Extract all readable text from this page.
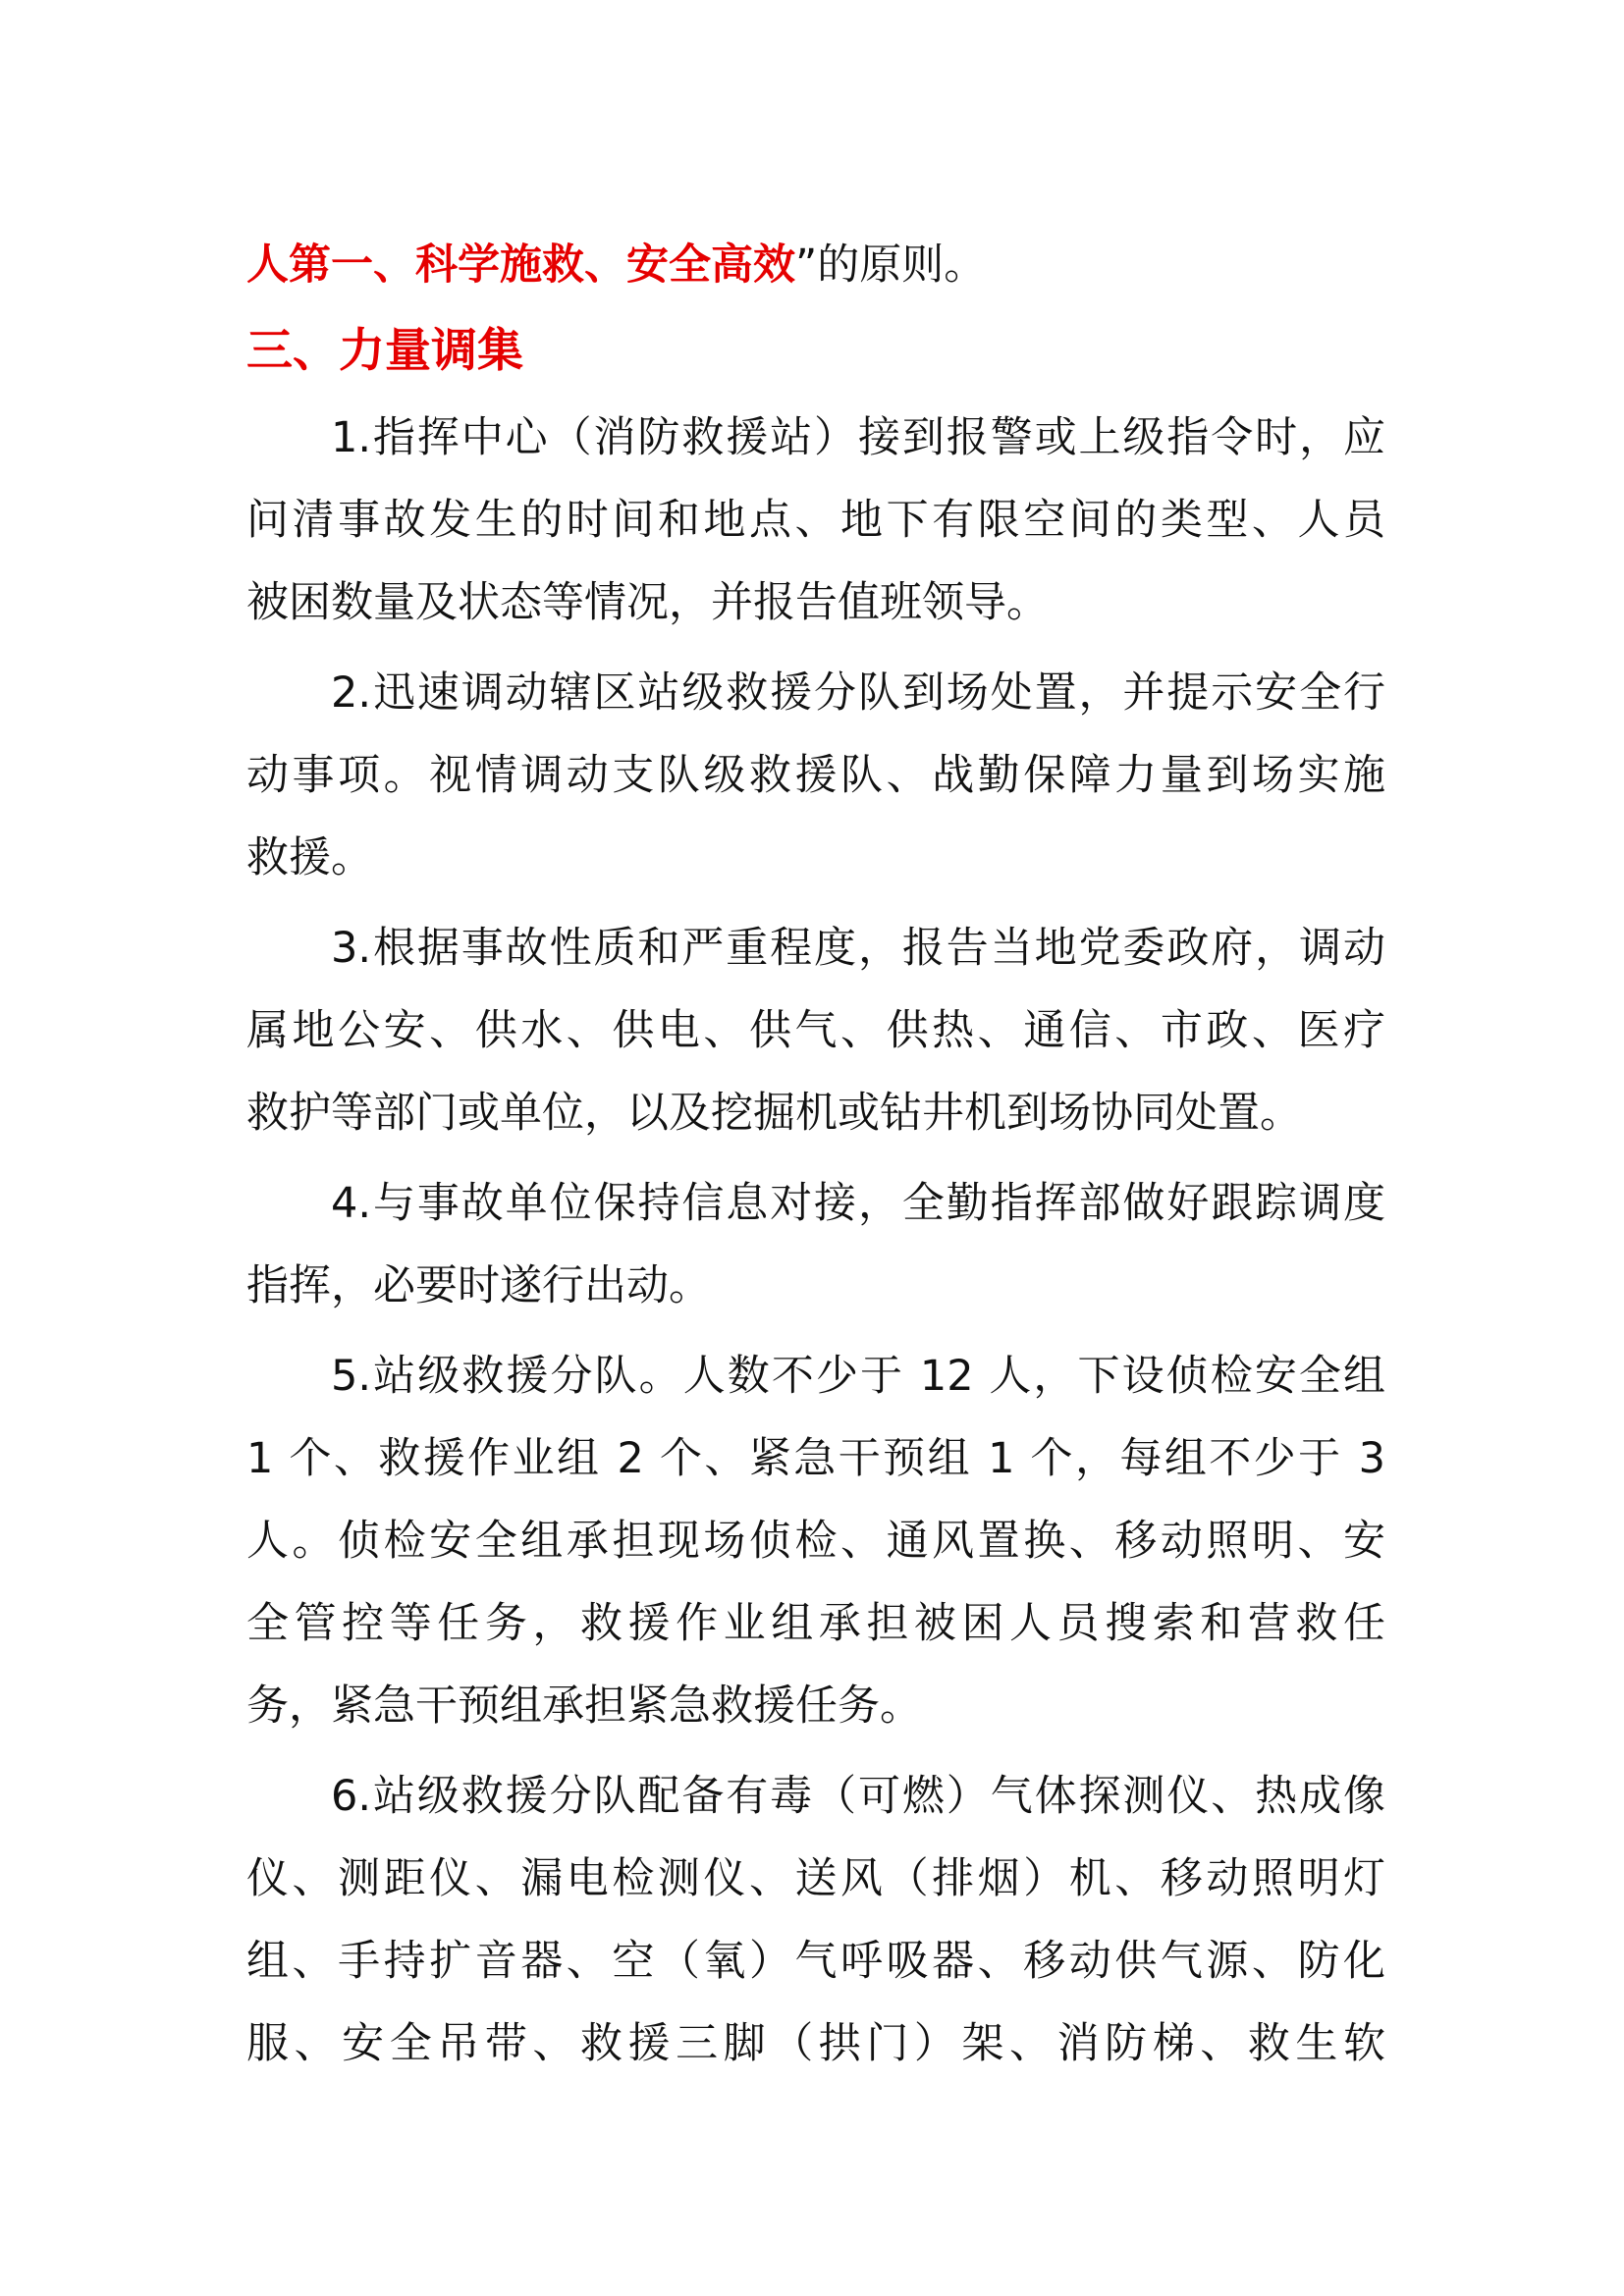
人第一、科学施救、安全高效”的原则。

三、力量调集

1.指挥中心（消防救援站）接到报警或上级指令时，应

问清事故发生的时间和地点、地下有限空间的类型、人员

被困数量及状态等情况，并报告值班领导。

2.迅速调动辖区站级救援分队到场处置，并提示安全行

动事项。视情调动支队级救援队、战勤保障力量到场实施

救援。

3.根据事故性质和严重程度，报告当地党委政府，调动

属地公安、供水、供电、供气、供热、通信、市政、医疗

救护等部门或单位，以及挖掘机或钻井机到场协同处置。

4.与事故单位保持信息对接，全勤指挥部做好跟踪调度

指挥，必要时遂行出动。

5.站级救援分队。人数不少于 12 人，下设侦检安全组

1 个、救援作业组 2 个、紧急干预组 1 个，每组不少于 3

人。侦检安全组承担现场侦检、通风置换、移动照明、安

全管控等任务，救援作业组承担被困人员搜索和营救任

务，紧急干预组承担紧急救援任务。

6.站级救援分队配备有毒（可燃）气体探测仪、热成像

仪、测距仪、漏电检测仪、送风（排烟）机、移动照明灯

组、手持扩音器、空（氧）气呼吸器、移动供气源、防化

服、安全吊带、救援三脚（拱门）架、消防梯、救生软
